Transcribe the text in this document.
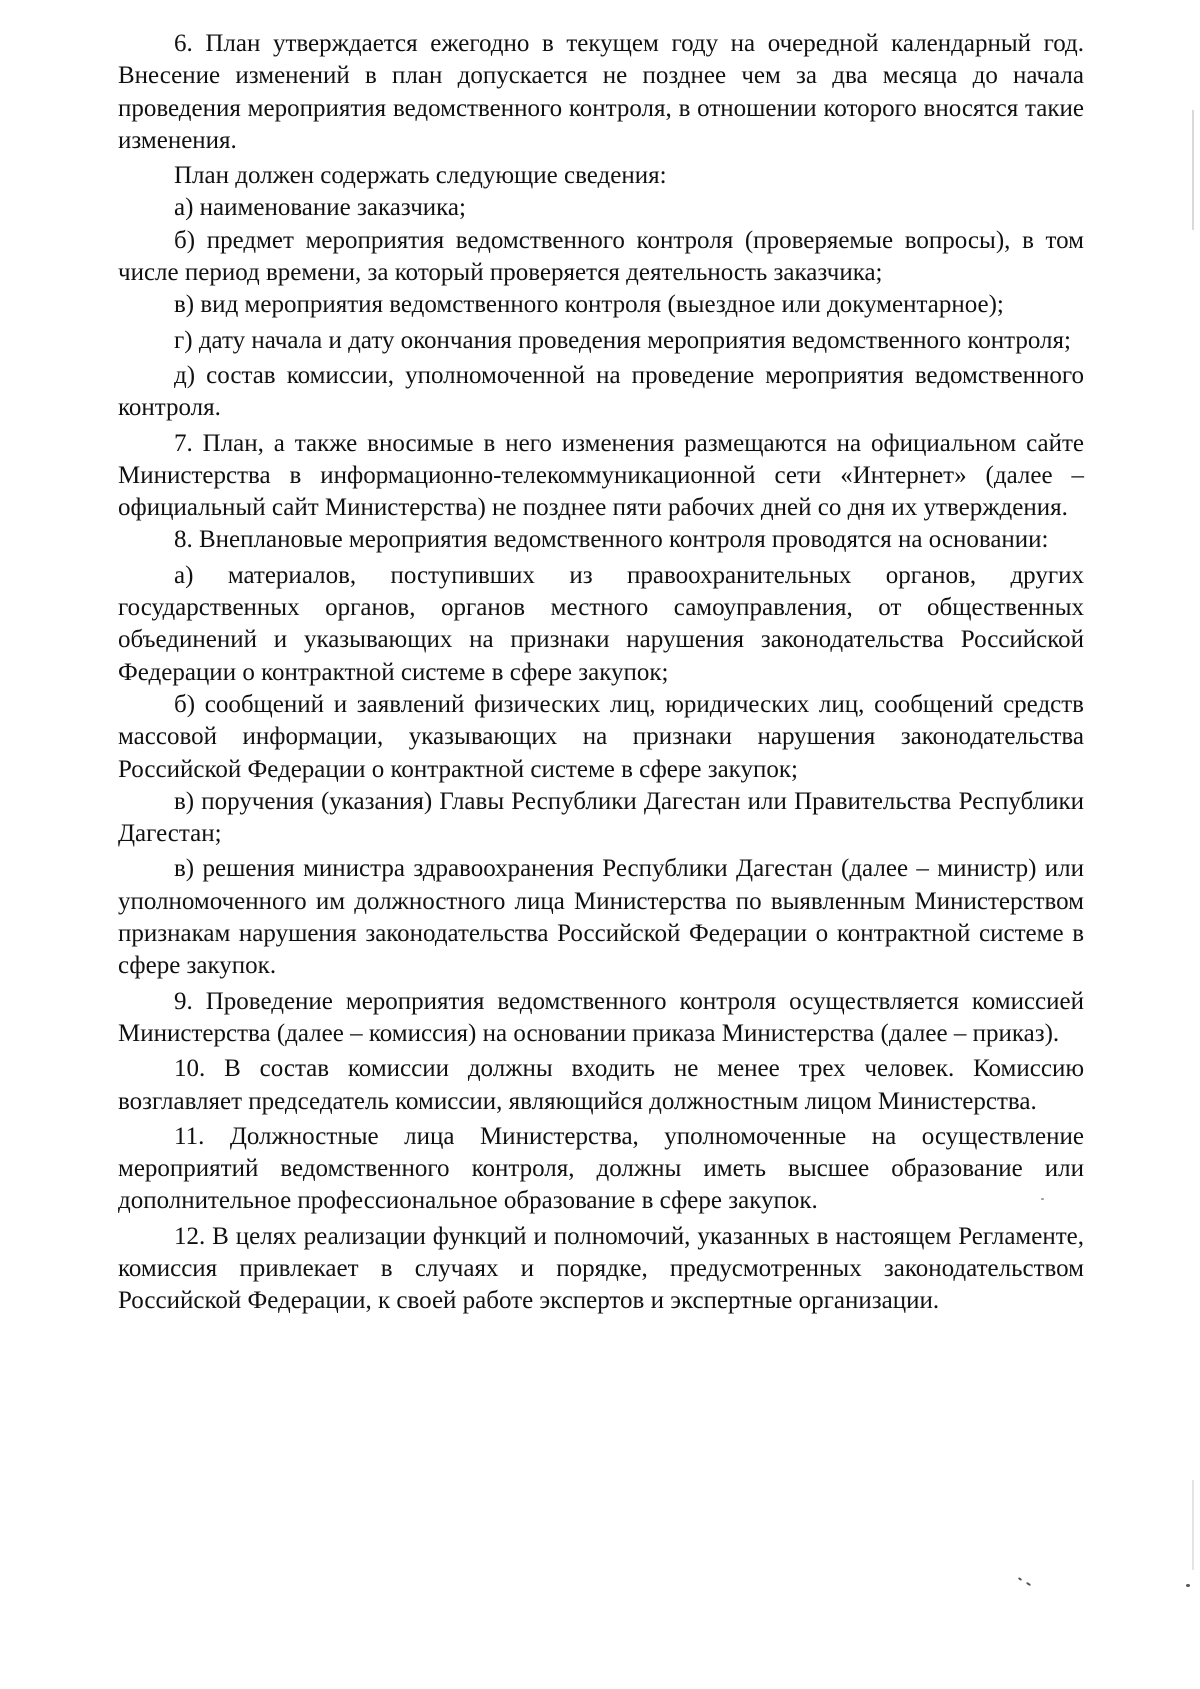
6. План утверждается ежегодно в текущем году на очередной календарный год. Внесение изменений в план допускается не позднее чем за два месяца до начала проведения мероприятия ведомственного контроля, в отношении которого вносятся такие изменения.

План должен содержать следующие сведения:

а) наименование заказчика;

б) предмет мероприятия ведомственного контроля (проверяемые вопросы), в том числе период времени, за который проверяется деятельность заказчика;

в) вид мероприятия ведомственного контроля (выездное или документарное);

г) дату начала и дату окончания проведения мероприятия ведомственного контроля;

д) состав комиссии, уполномоченной на проведение мероприятия ведомственного контроля.

7. План, а также вносимые в него изменения размещаются на официальном сайте Министерства в информационно-телекоммуникационной сети «Интернет» (далее – официальный сайт Министерства) не позднее пяти рабочих дней со дня их утверждения.

8. Внеплановые мероприятия ведомственного контроля проводятся на основании:

а) материалов, поступивших из правоохранительных органов, других государственных органов, органов местного самоуправления, от общественных объединений и указывающих на признаки нарушения законодательства Российской Федерации о контрактной системе в сфере закупок;

б) сообщений и заявлений физических лиц, юридических лиц, сообщений средств массовой информации, указывающих на признаки нарушения законодательства Российской Федерации о контрактной системе в сфере закупок;

в) поручения (указания) Главы Республики Дагестан или Правительства Республики Дагестан;

в) решения министра здравоохранения Республики Дагестан (далее – министр) или уполномоченного им должностного лица Министерства по выявленным Министерством признакам нарушения законодательства Российской Федерации о контрактной системе в сфере закупок.

9. Проведение мероприятия ведомственного контроля осуществляется комиссией Министерства (далее – комиссия) на основании приказа Министерства (далее – приказ).

10. В состав комиссии должны входить не менее трех человек. Комиссию возглавляет председатель комиссии, являющийся должностным лицом Министерства.

11. Должностные лица Министерства, уполномоченные на осуществление мероприятий ведомственного контроля, должны иметь высшее образование или дополнительное профессиональное образование в сфере закупок.

12. В целях реализации функций и полномочий, указанных в настоящем Регламенте, комиссия привлекает в случаях и порядке, предусмотренных законодательством Российской Федерации, к своей работе экспертов и экспертные организации.
